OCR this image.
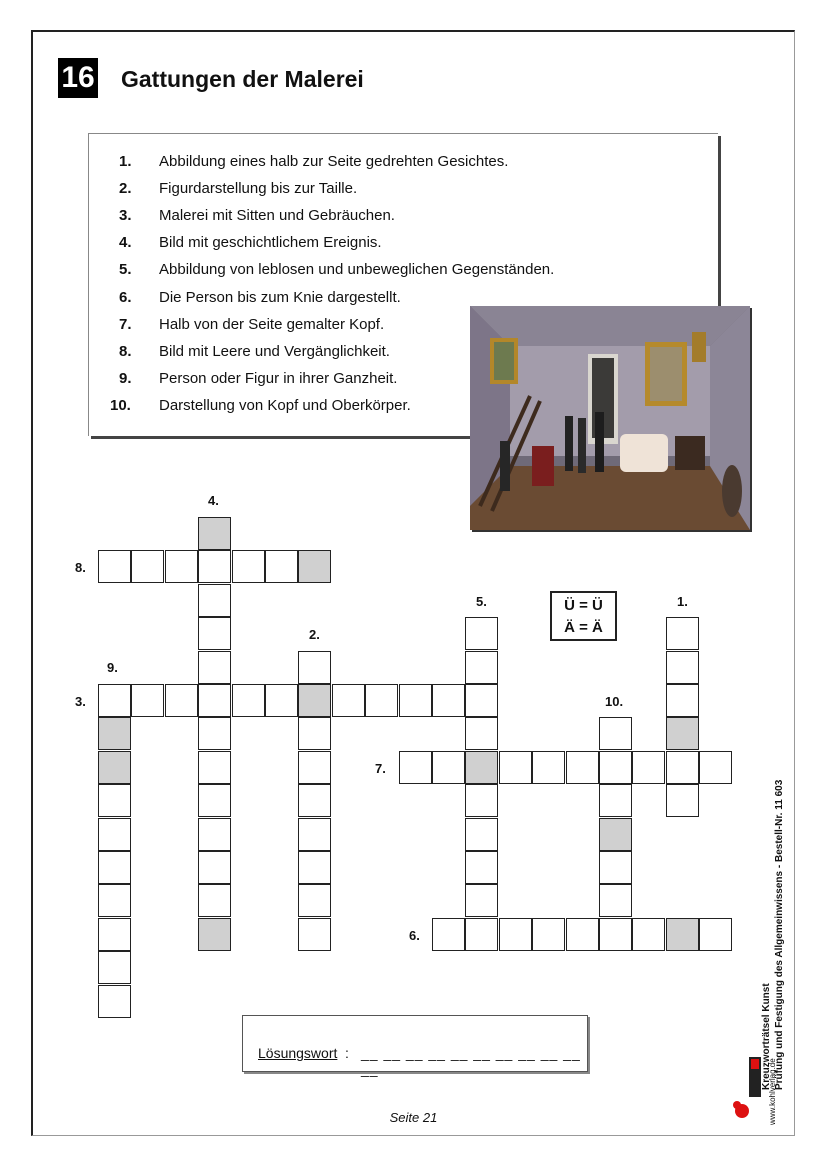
16 Gattungen der Malerei
1. Abbildung eines halb zur Seite gedrehten Gesichtes.
2. Figurdarstellung bis zur Taille.
3. Malerei mit Sitten und Gebräuchen.
4. Bild mit geschichtlichem Ereignis.
5. Abbildung von leblosen und unbeweglichen Gegenständen.
6. Die Person bis zum Knie dargestellt.
7. Halb von der Seite gemalter Kopf.
8. Bild mit Leere und Vergänglichkeit.
9. Person oder Figur in ihrer Ganzheit.
10. Darstellung von Kopf und Oberkörper.
4.
8.
5.	1.
2.
9.
3.	10.
7.
6.
Ü = Ü
Ä = Ä
Lösungswort : __ __ __ __ __ __ __ __ __ __ __
Seite 21
Kreuzworträtsel Kunst Prüfung und Festigung des Allgemeinwissens - Bestell-Nr. 11 603
www.kohlverlag.de
